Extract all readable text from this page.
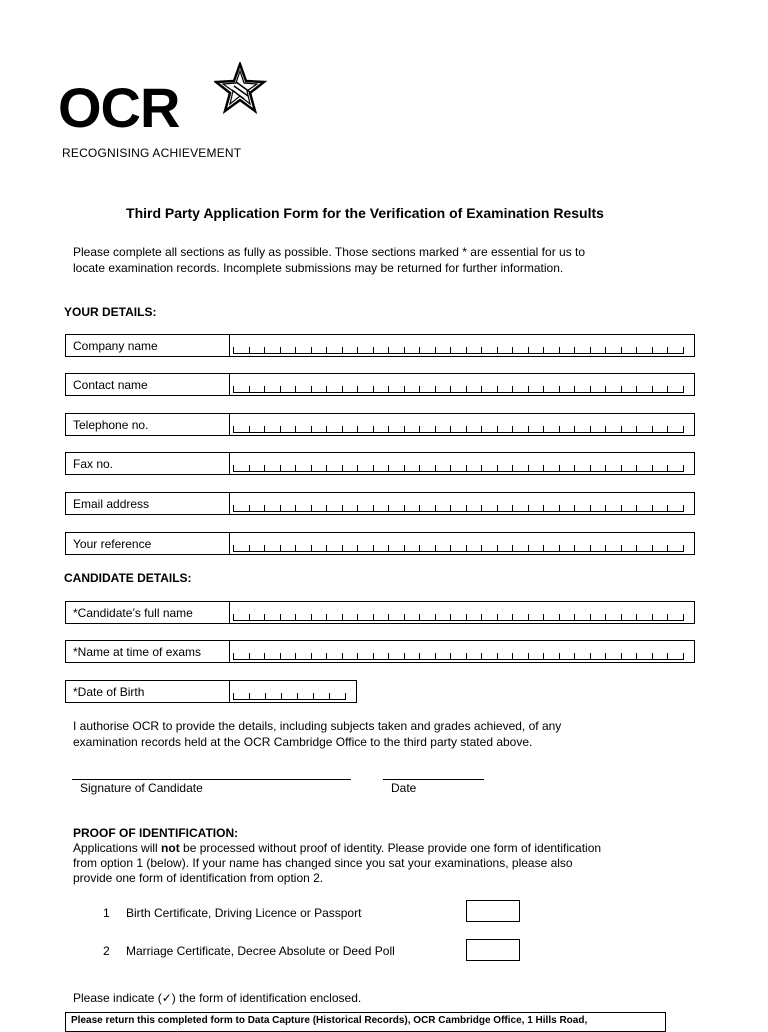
OCR
RECOGNISING ACHIEVEMENT
Third Party Application Form for the Verification of Examination Results
Please complete all sections as fully as possible. Those sections marked * are essential for us to
locate examination records. Incomplete submissions may be returned for further information.
YOUR DETAILS:
Company name
Contact name
Telephone no.
Fax no.
Email address
Your reference
CANDIDATE DETAILS:
*Candidate’s full name
*Name at time of exams
*Date of Birth
I authorise OCR to provide the details, including subjects taken and grades achieved, of any
examination records held at the OCR Cambridge Office to the third party stated above.
Signature of Candidate	Date
PROOF OF IDENTIFICATION:
Applications will not be processed without proof of identity. Please provide one form of identification
from option 1 (below). If your name has changed since you sat your examinations, please also
provide one form of identification from option 2.
1 Birth Certificate, Driving Licence or Passport
2 Marriage Certificate, Decree Absolute or Deed Poll
Please indicate (✓) the form of identification enclosed.
Please return this completed form to Data Capture (Historical Records), OCR Cambridge Office, 1 Hills Road,
